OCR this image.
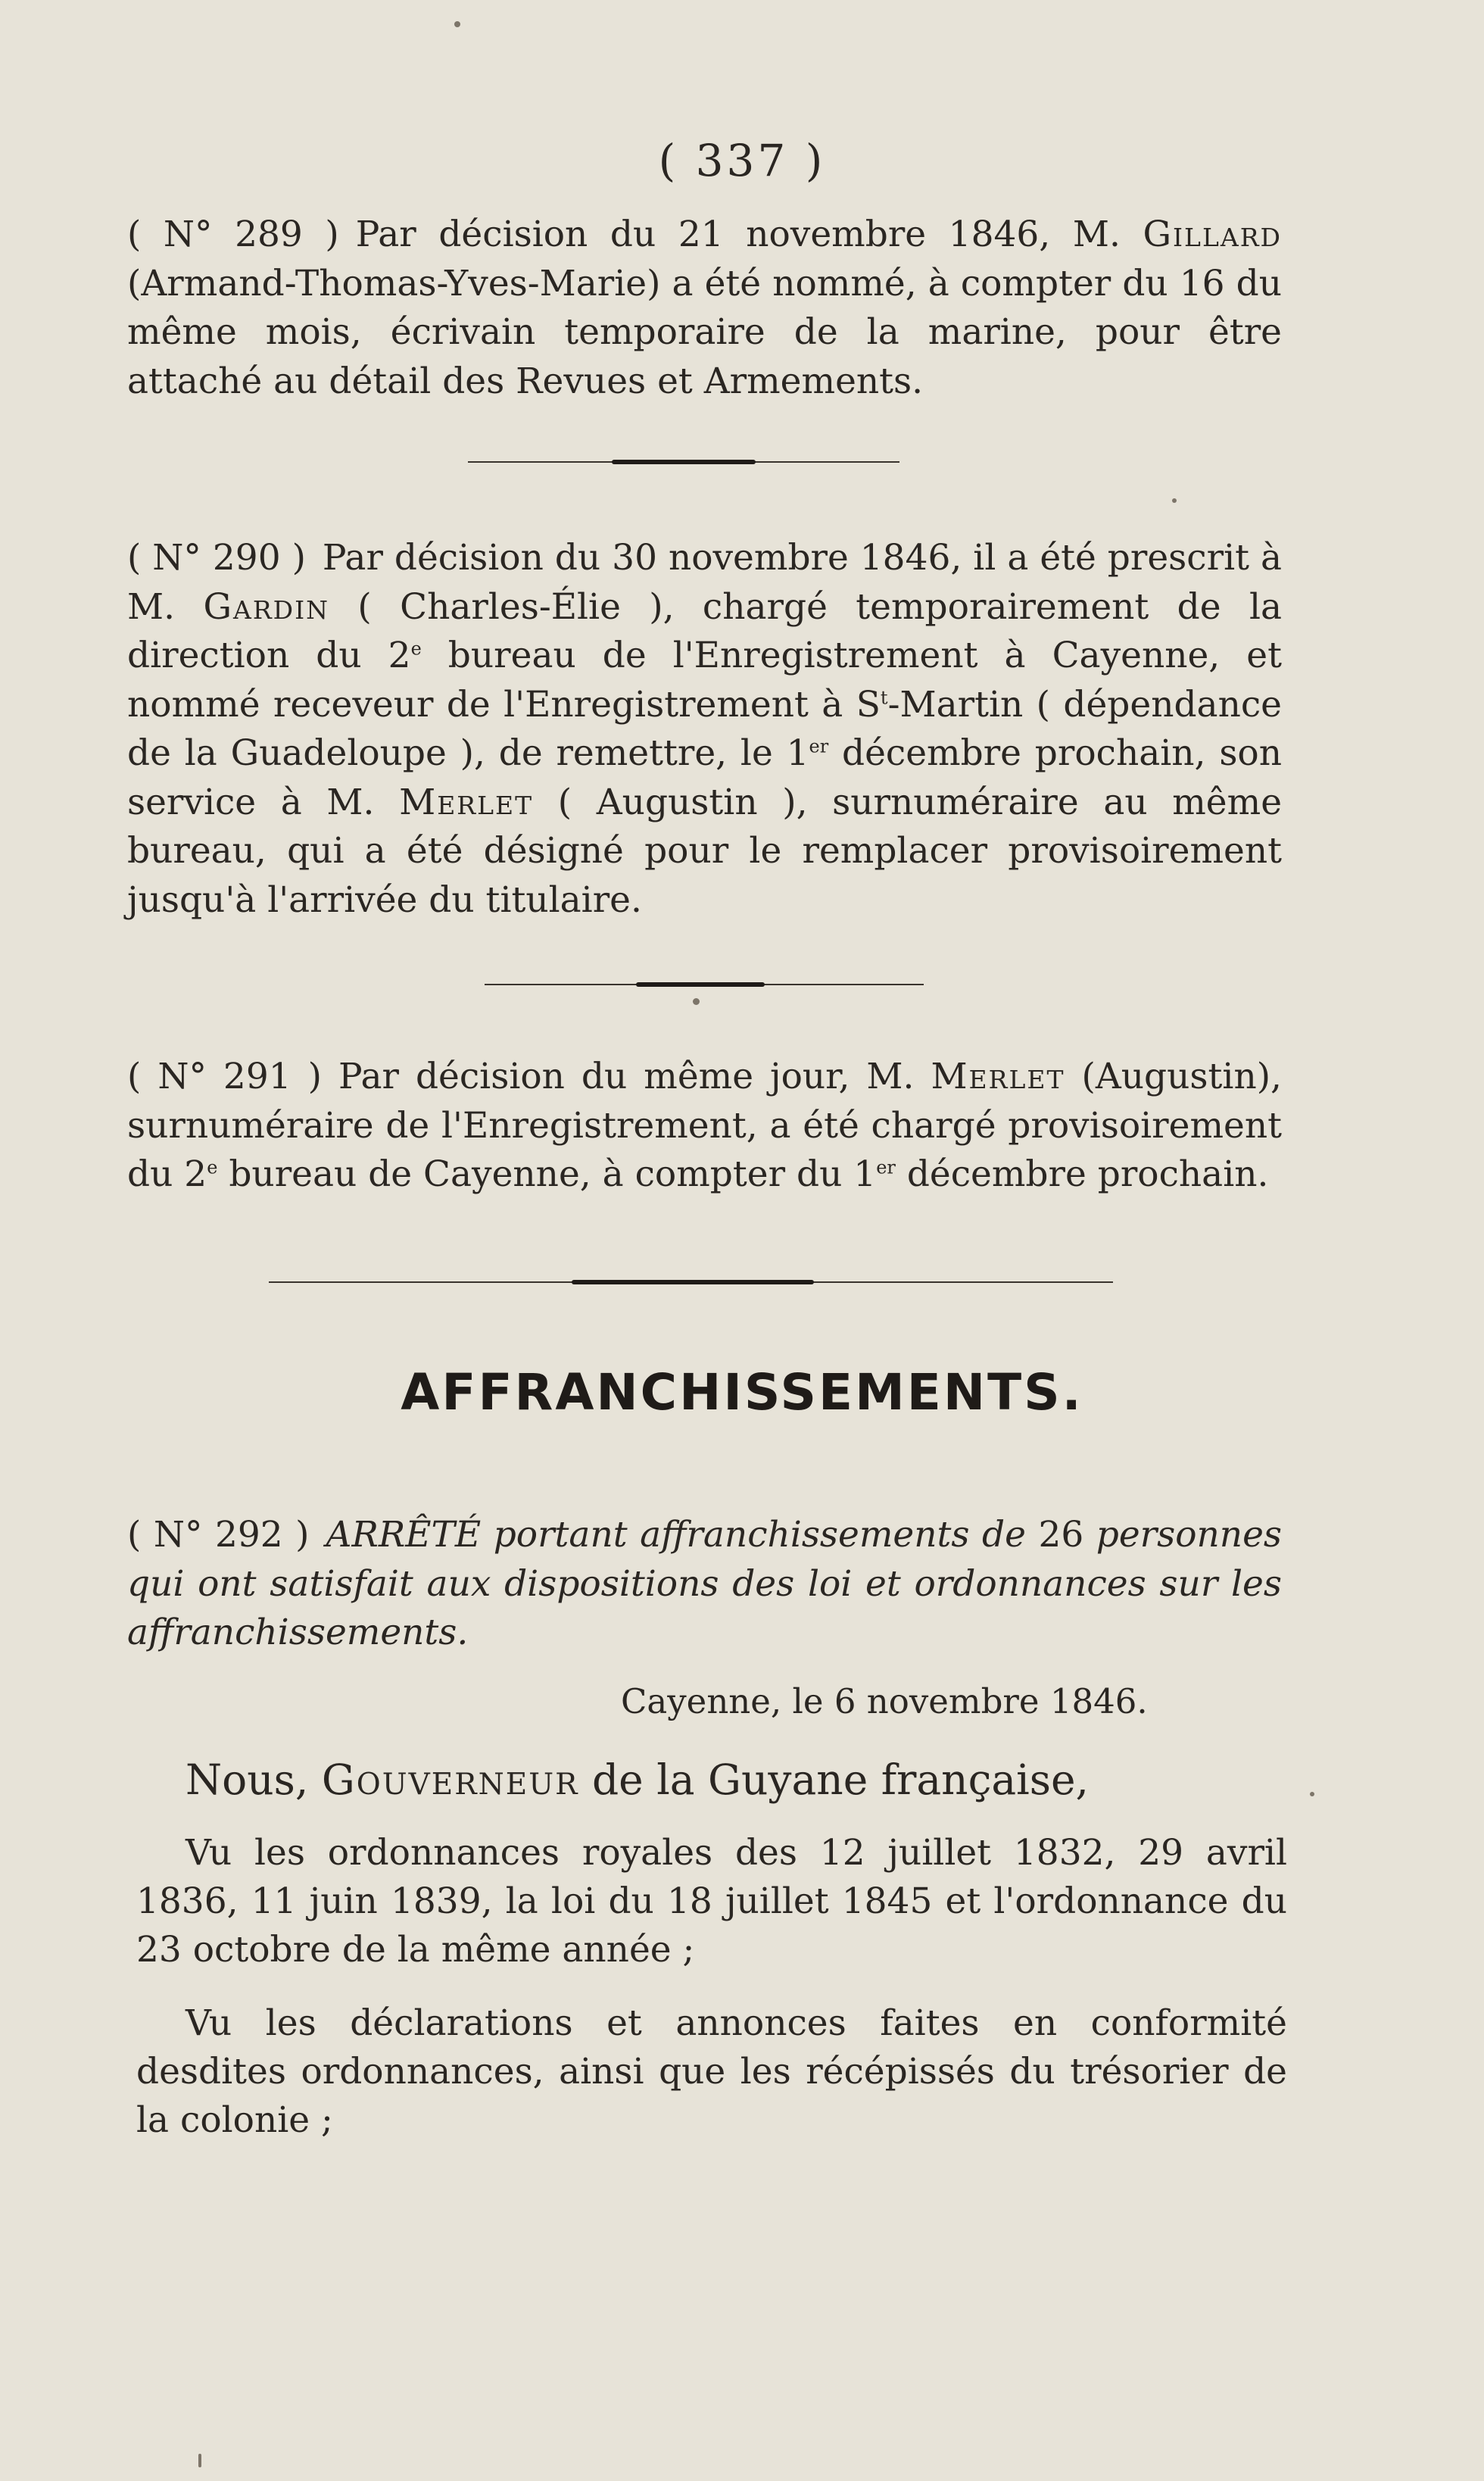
( 337 )
( N° 289 ) Par décision du 21 novembre 1846, M. Gillard (Armand-Thomas-Yves-Marie) a été nommé, à compter du 16 du même mois, écrivain temporaire de la marine, pour être attaché au détail des Revues et Armements.
( N° 290 ) Par décision du 30 novembre 1846, il a été prescrit à M. Gardin ( Charles-Élie ), chargé temporairement de la direction du 2e bureau de l'Enregistrement à Cayenne, et nommé receveur de l'Enregistrement à $S^t$-Martin ( dépendance de la Guadeloupe ), de remettre, le 1er décembre prochain, son service à M. Merlet ( Augustin ), surnuméraire au même bureau, qui a été désigné pour le remplacer provisoirement jusqu'à l'arrivée du titulaire.
( N° 291 ) Par décision du même jour, M. Merlet (Augustin), surnuméraire de l'Enregistrement, a été chargé provisoirement du 2e bureau de Cayenne, à compter du 1er décembre prochain.
AFFRANCHISSEMENTS.
( N° 292 ) ARRÊTÉ portant affranchissements de 26 personnes qui ont satisfait aux dispositions des loi et ordonnances sur les affranchissements.
Cayenne, le 6 novembre 1846.
Nous, Gouverneur de la Guyane française,
Vu les ordonnances royales des 12 juillet 1832, 29 avril 1836, 11 juin 1839, la loi du 18 juillet 1845 et l'ordonnance du 23 octobre de la même année ;
Vu les déclarations et annonces faites en conformité desdites ordonnances, ainsi que les récépissés du trésorier de la colonie ;
